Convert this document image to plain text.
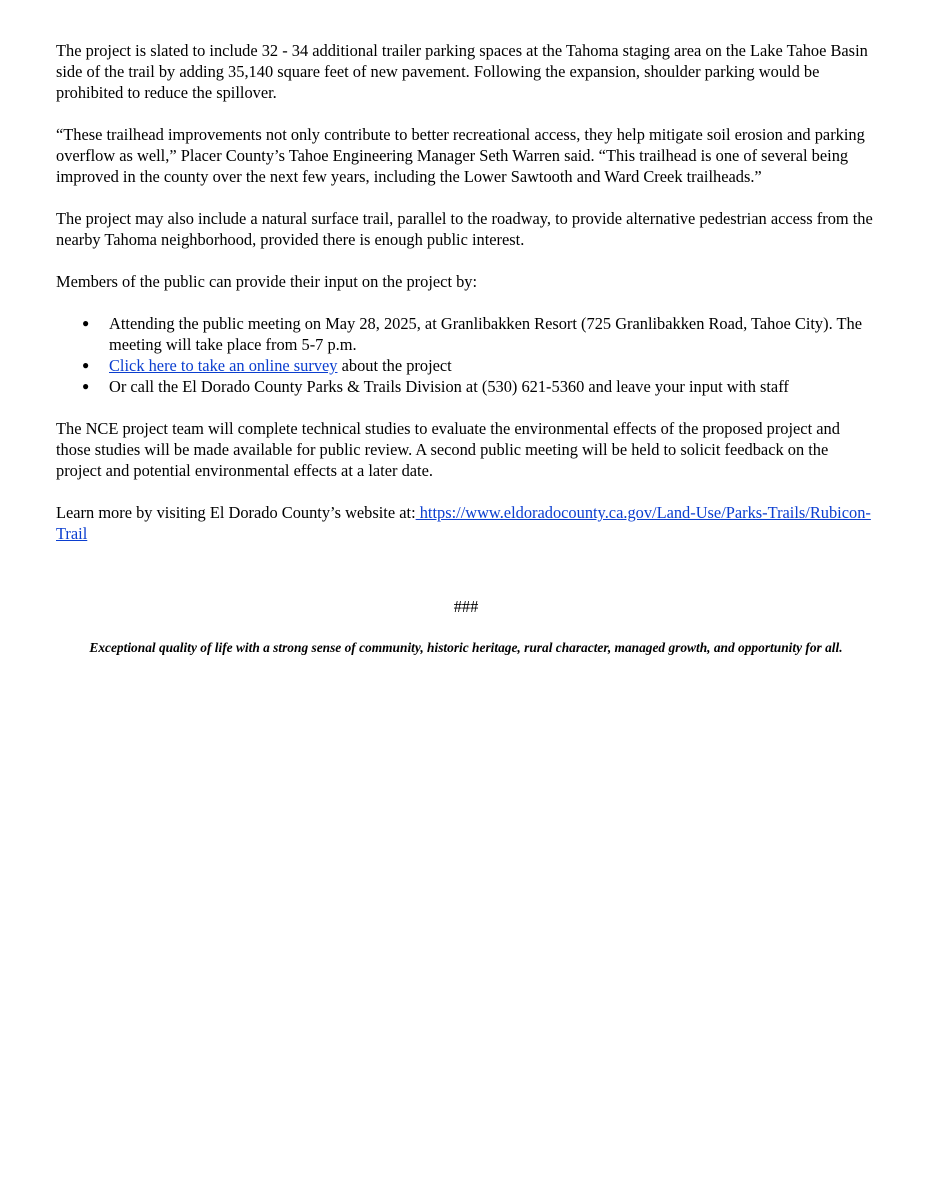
The project is slated to include 32 - 34 additional trailer parking spaces at the Tahoma staging area on the Lake Tahoe Basin side of the trail by adding 35,140 square feet of new pavement. Following the expansion, shoulder parking would be prohibited to reduce the spillover.

“These trailhead improvements not only contribute to better recreational access, they help mitigate soil erosion and parking overflow as well,” Placer County’s Tahoe Engineering Manager Seth Warren said. “This trailhead is one of several being improved in the county over the next few years, including the Lower Sawtooth and Ward Creek trailheads.”

The project may also include a natural surface trail, parallel to the roadway, to provide alternative pedestrian access from the nearby Tahoma neighborhood, provided there is enough public interest.

Members of the public can provide their input on the project by:

● Attending the public meeting on May 28, 2025, at Granlibakken Resort (725 Granlibakken Road, Tahoe City). The meeting will take place from 5-7 p.m.
● Click here to take an online survey about the project
● Or call the El Dorado County Parks & Trails Division at (530) 621-5360 and leave your input with staff

The NCE project team will complete technical studies to evaluate the environmental effects of the proposed project and those studies will be made available for public review. A second public meeting will be held to solicit feedback on the project and potential environmental effects at a later date.

Learn more by visiting El Dorado County’s website at: https://www.eldoradocounty.ca.gov/Land-Use/Parks-Trails/Rubicon-Trail

###

Exceptional quality of life with a strong sense of community, historic heritage, rural character, managed growth, and opportunity for all.
